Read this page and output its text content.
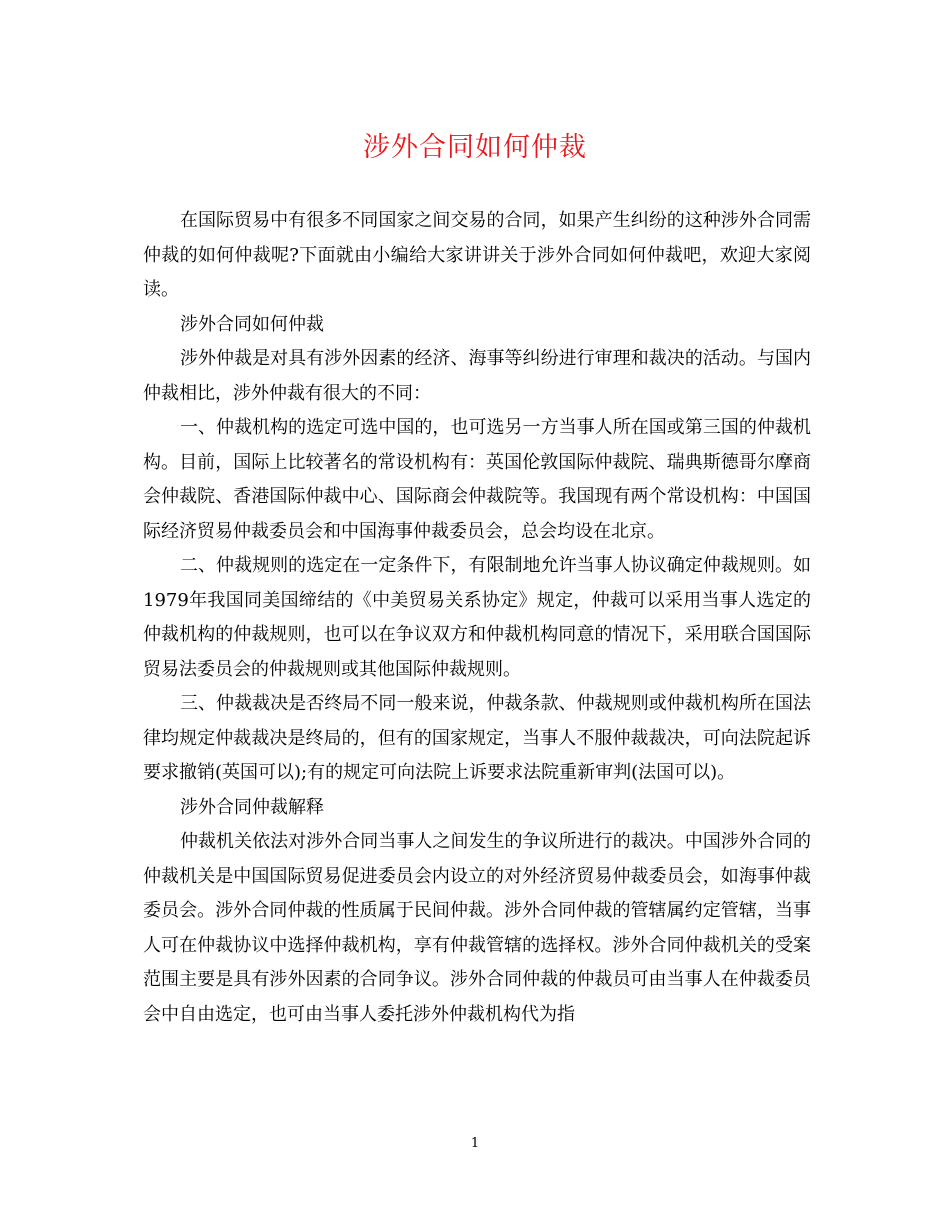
涉外合同如何仲裁

在国际贸易中有很多不同国家之间交易的合同，如果产生纠纷的这种涉外合同需仲裁的如何仲裁呢?下面就由小编给大家讲讲关于涉外合同如何仲裁吧，欢迎大家阅读。

涉外合同如何仲裁

涉外仲裁是对具有涉外因素的经济、海事等纠纷进行审理和裁决的活动。与国内仲裁相比，涉外仲裁有很大的不同：

一、仲裁机构的选定可选中国的，也可选另一方当事人所在国或第三国的仲裁机构。目前，国际上比较著名的常设机构有：英国伦敦国际仲裁院、瑞典斯德哥尔摩商会仲裁院、香港国际仲裁中心、国际商会仲裁院等。我国现有两个常设机构：中国国际经济贸易仲裁委员会和中国海事仲裁委员会，总会均设在北京。

二、仲裁规则的选定在一定条件下，有限制地允许当事人协议确定仲裁规则。如1979年我国同美国缔结的《中美贸易关系协定》规定，仲裁可以采用当事人选定的仲裁机构的仲裁规则，也可以在争议双方和仲裁机构同意的情况下，采用联合国国际贸易法委员会的仲裁规则或其他国际仲裁规则。

三、仲裁裁决是否终局不同一般来说，仲裁条款、仲裁规则或仲裁机构所在国法律均规定仲裁裁决是终局的，但有的国家规定，当事人不服仲裁裁决，可向法院起诉要求撤销(英国可以);有的规定可向法院上诉要求法院重新审判(法国可以)。

涉外合同仲裁解释

仲裁机关依法对涉外合同当事人之间发生的争议所进行的裁决。中国涉外合同的仲裁机关是中国国际贸易促进委员会内设立的对外经济贸易仲裁委员会，如海事仲裁委员会。涉外合同仲裁的性质属于民间仲裁。涉外合同仲裁的管辖属约定管辖，当事人可在仲裁协议中选择仲裁机构，享有仲裁管辖的选择权。涉外合同仲裁机关的受案范围主要是具有涉外因素的合同争议。涉外合同仲裁的仲裁员可由当事人在仲裁委员会中自由选定，也可由当事人委托涉外仲裁机构代为指

1
